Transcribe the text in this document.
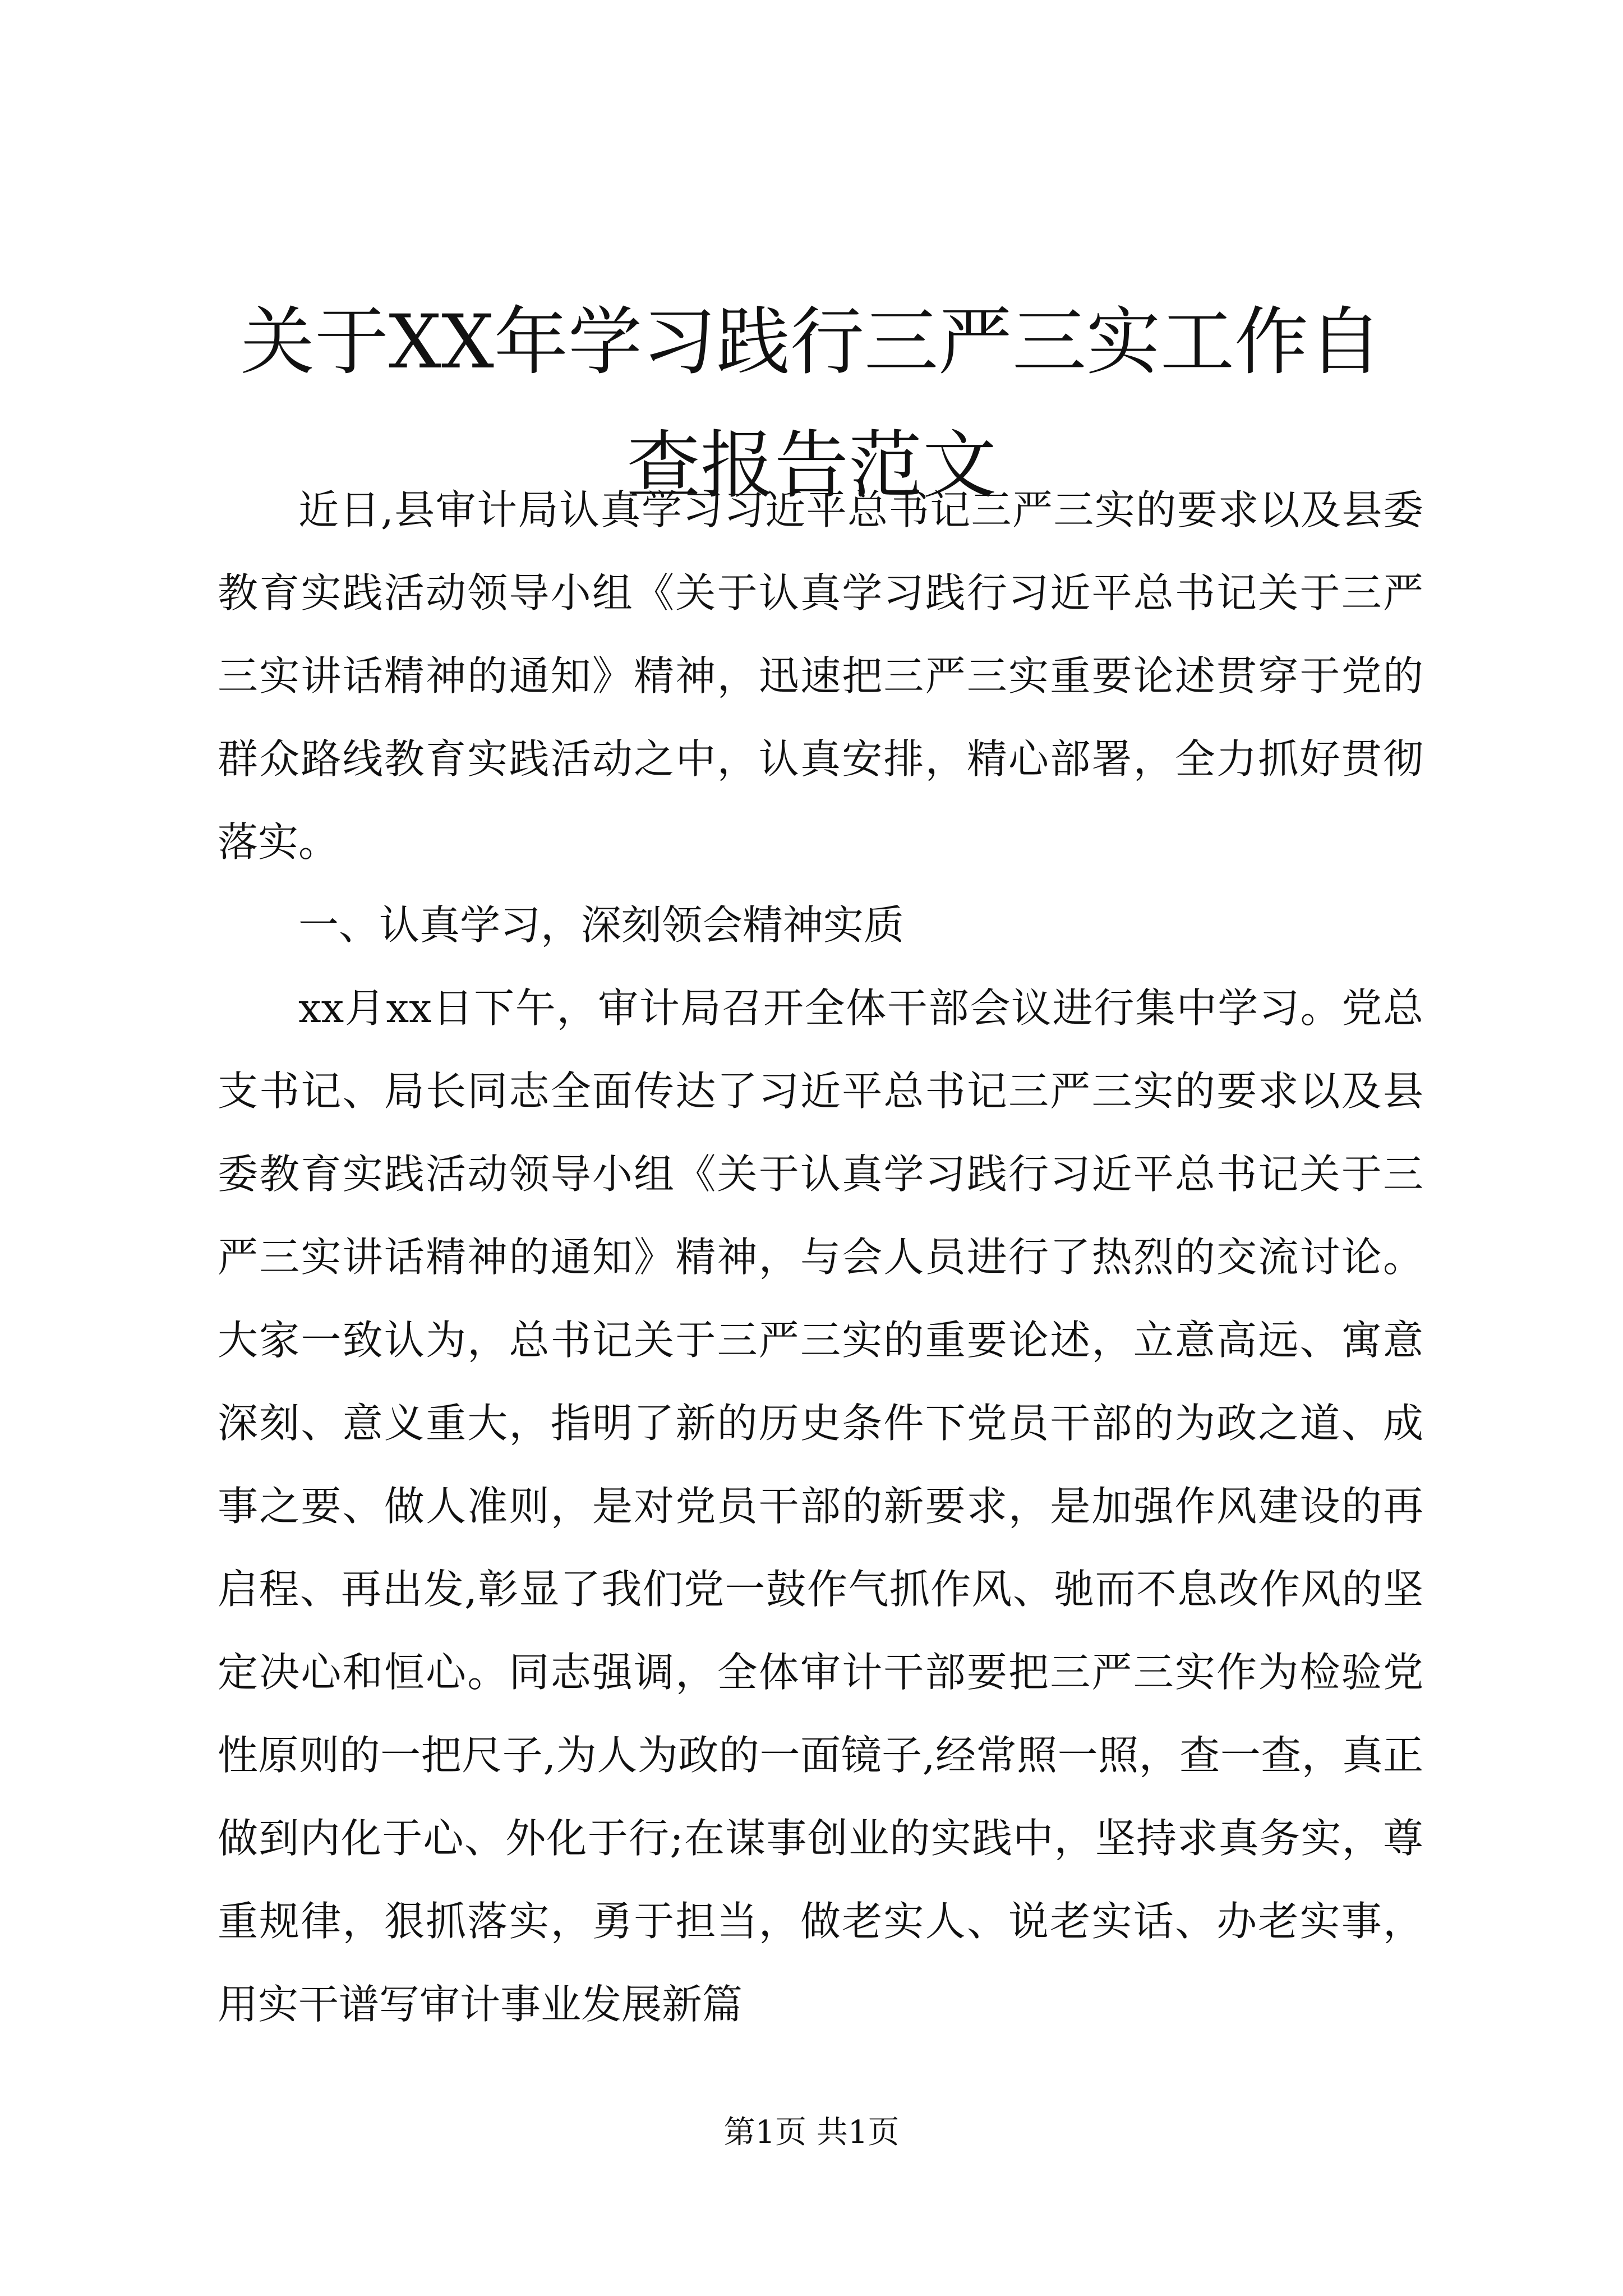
关于XX年学习践行三严三实工作自查报告范文

近日,县审计局认真学习习近平总书记三严三实的要求以及县委教育实践活动领导小组《关于认真学习践行习近平总书记关于三严三实讲话精神的通知》精神，迅速把三严三实重要论述贯穿于党的群众路线教育实践活动之中，认真安排，精心部署，全力抓好贯彻落实。

一、认真学习，深刻领会精神实质

xx月xx日下午，审计局召开全体干部会议进行集中学习。党总支书记、局长同志全面传达了习近平总书记三严三实的要求以及县委教育实践活动领导小组《关于认真学习践行习近平总书记关于三严三实讲话精神的通知》精神，与会人员进行了热烈的交流讨论。大家一致认为，总书记关于三严三实的重要论述，立意高远、寓意深刻、意义重大，指明了新的历史条件下党员干部的为政之道、成事之要、做人准则，是对党员干部的新要求，是加强作风建设的再启程、再出发,彰显了我们党一鼓作气抓作风、驰而不息改作风的坚定决心和恒心。同志强调，全体审计干部要把三严三实作为检验党性原则的一把尺子,为人为政的一面镜子,经常照一照，查一查，真正做到内化于心、外化于行;在谋事创业的实践中，坚持求真务实，尊重规律，狠抓落实，勇于担当，做老实人、说老实话、办老实事，用实干谱写审计事业发展新篇

第1页 共1页
